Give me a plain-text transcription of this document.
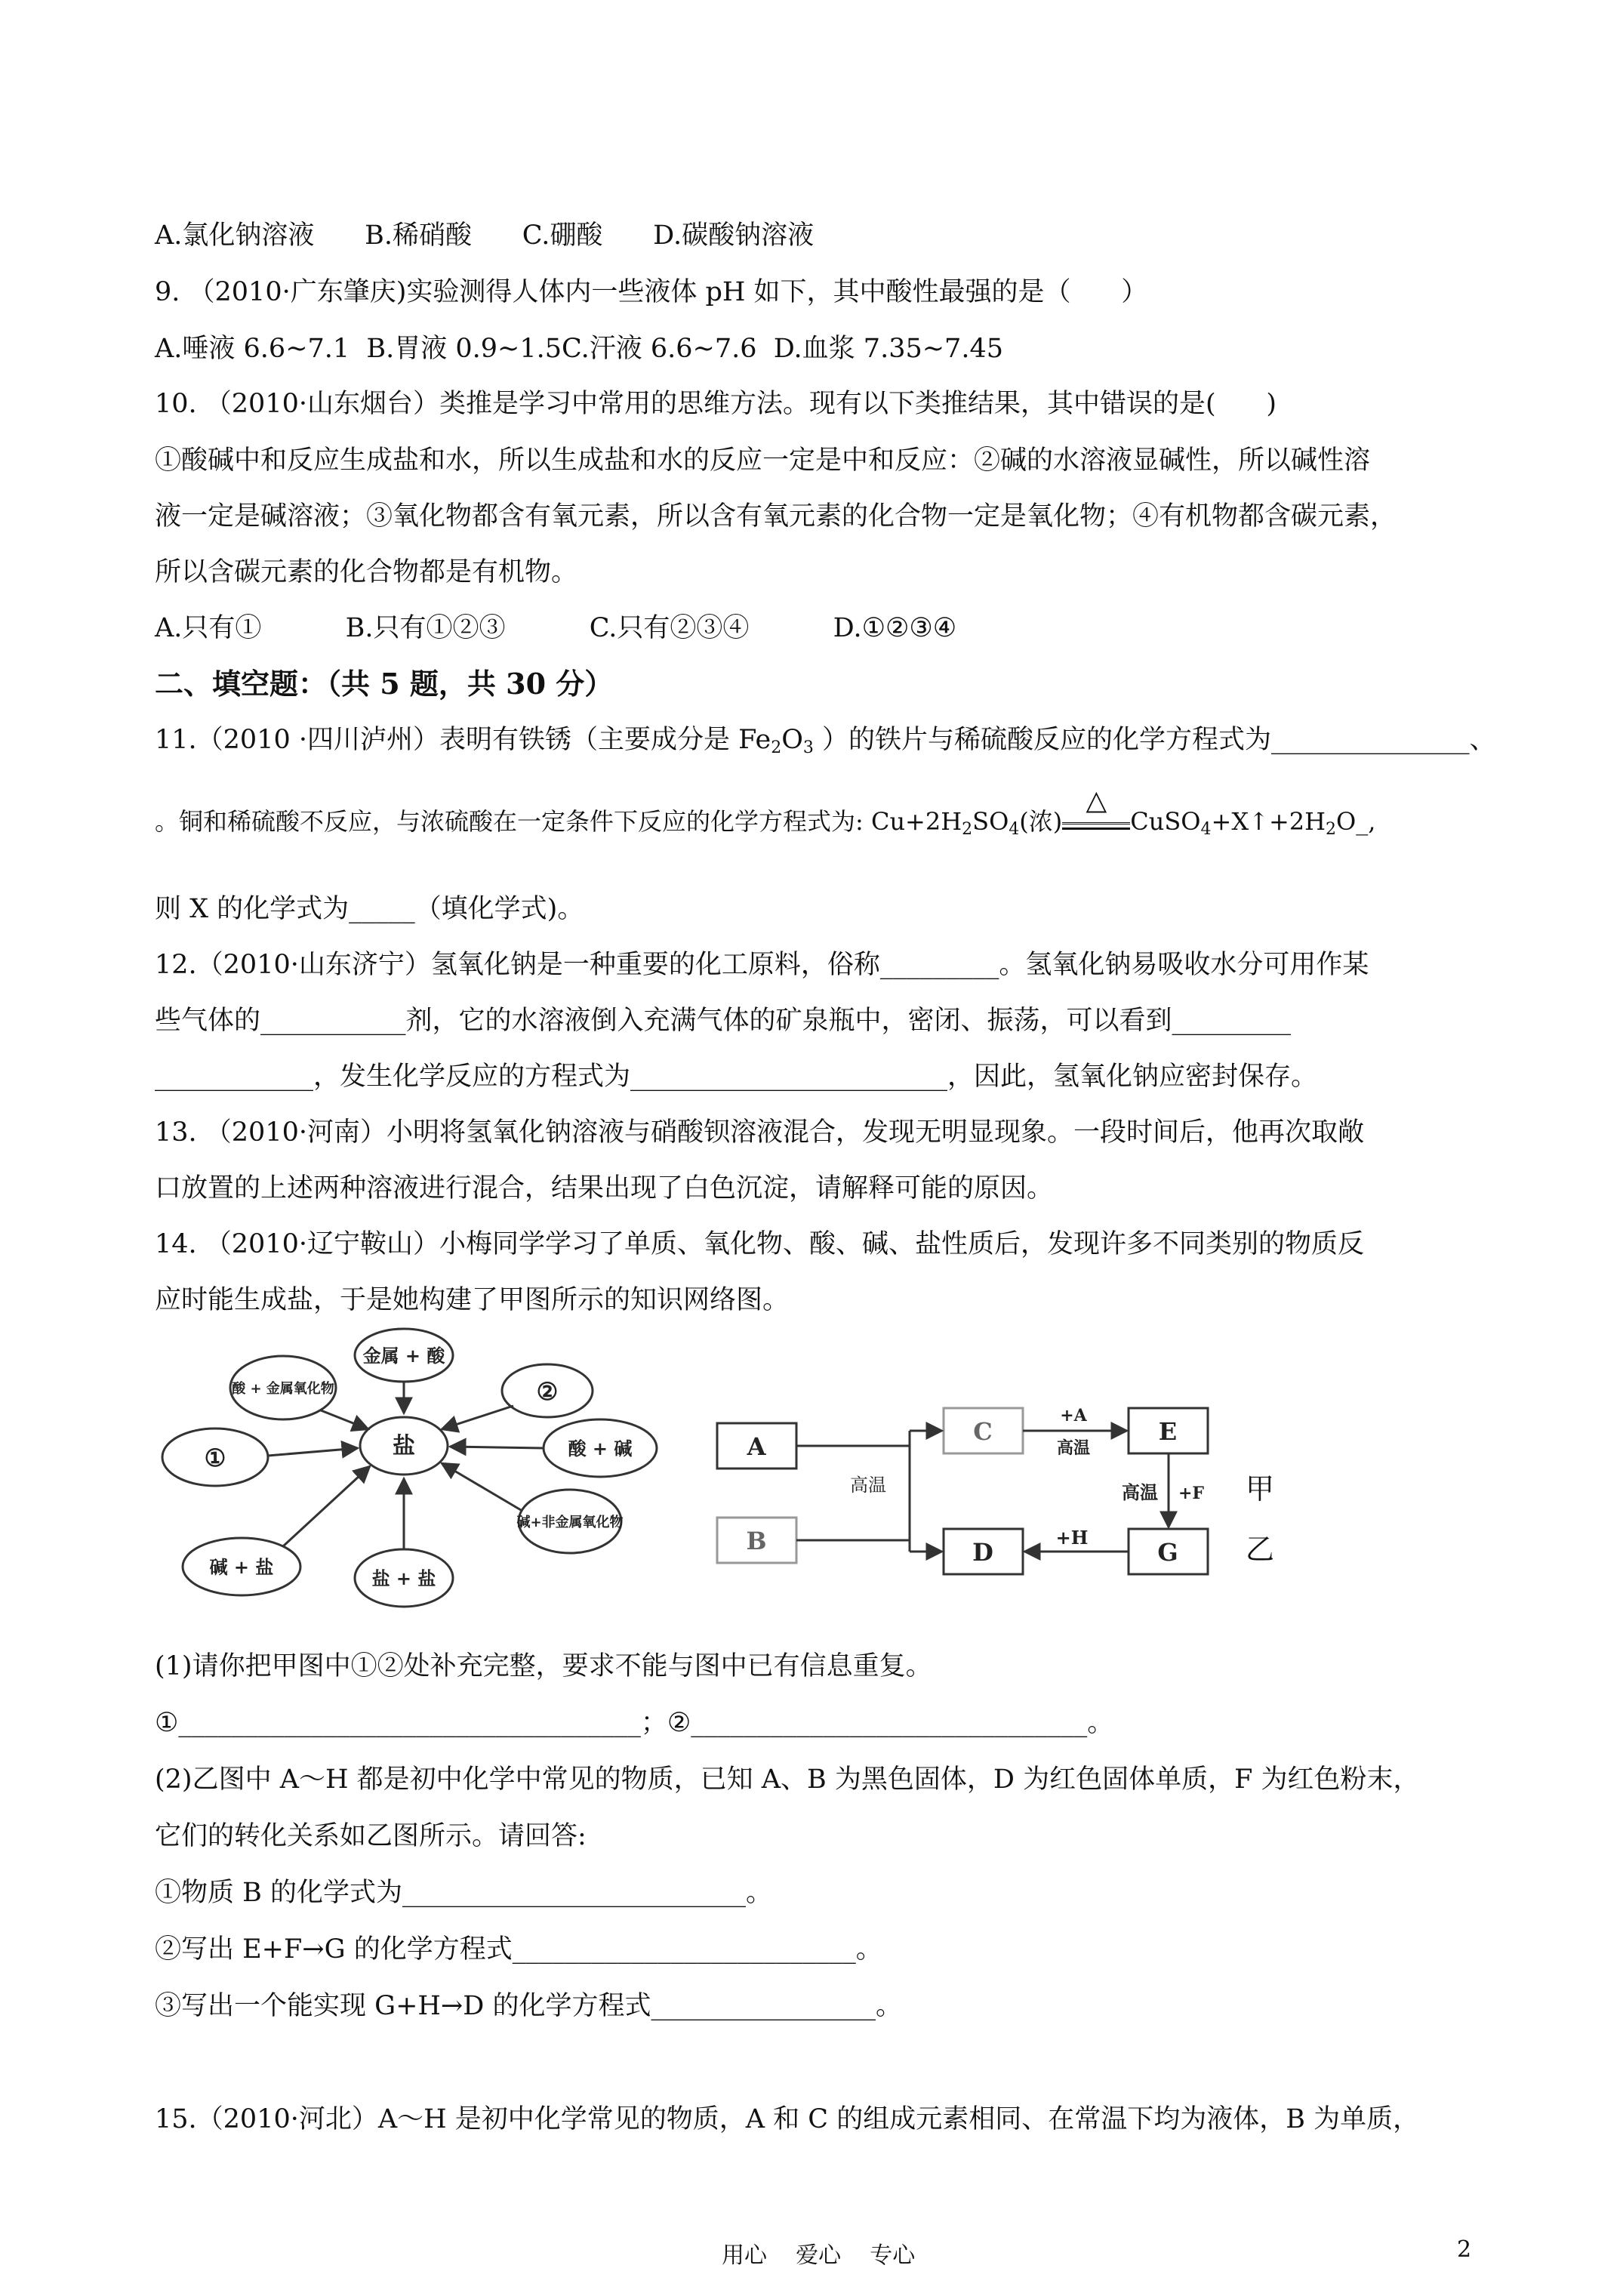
A.氯化钠溶液      B.稀硝酸      C.硼酸      D.碳酸钠溶液
9. （2010·广东肇庆)实验测得人体内一些液体 pH 如下，其中酸性最强的是（      ）
A.唾液 6.6~7.1  B.胃液 0.9~1.5C.汗液 6.6~7.6  D.血浆 7.35~7.45
10. （2010·山东烟台）类推是学习中常用的思维方法。现有以下类推结果，其中错误的是(      )
①酸碱中和反应生成盐和水，所以生成盐和水的反应一定是中和反应：②碱的水溶液显碱性，所以碱性溶
液一定是碱溶液；③氧化物都含有氧元素，所以含有氧元素的化合物一定是氧化物；④有机物都含碳元素，
所以含碳元素的化合物都是有机物。
A.只有①          B.只有①②③          C.只有②③④          D.①②③④
则 X 的化学式为_____（填化学式)。
12.（2010·山东济宁）氢氧化钠是一种重要的化工原料，俗称_________。氢氧化钠易吸收水分可用作某
些气体的___________剂，它的水溶液倒入充满气体的矿泉瓶中，密闭、振荡，可以看到_________
____________，发生化学反应的方程式为________________________，因此，氢氧化钠应密封保存。
13. （2010·河南）小明将氢氧化钠溶液与硝酸钡溶液混合，发现无明显现象。一段时间后，他再次取敞
口放置的上述两种溶液进行混合，结果出现了白色沉淀，请解释可能的原因。
14. （2010·辽宁鞍山）小梅同学学习了单质、氧化物、酸、碱、盐性质后，发现许多不同类别的物质反
应时能生成盐，于是她构建了甲图所示的知识网络图。
(1)请你把甲图中①②处补充完整，要求不能与图中已有信息重复。
①___________________________________；②______________________________。
(2)乙图中 A～H 都是初中化学中常见的物质，已知 A、B 为黑色固体，D 为红色固体单质，F 为红色粉末，
它们的转化关系如乙图所示。请回答:
①物质 B 的化学式为__________________________。
②写出 E+F→G 的化学方程式__________________________。
③写出一个能实现 G+H→D 的化学方程式_________________。
15.（2010·河北）A～H 是初中化学常见的物质，A 和 C 的组成元素相同、在常温下均为液体，B 为单质，
二、填空题：（共 5 题，共 30 分）
11.（2010 ·四川泸州）表明有铁锈（主要成分是 $Fe_2O_3$ ）的铁片与稀硫酸反应的化学方程式为_______________、
。铜和稀硫酸不反应，与浓硫酸在一定条件下反应的化学方程式为: $Cu+2H_2SO_4$(浓)
△
$CuSO_4+X↑+2H_2O\_$,
盐
金属 + 酸
②
酸 + 碱
碱+非金属氧化物
盐 + 盐
碱 + 盐
①
酸 + 金属氧化物
A
B
C
D
E
G
高温
+A
高温
高温 +F
+H
甲
乙
用心    爱心    专心	2
